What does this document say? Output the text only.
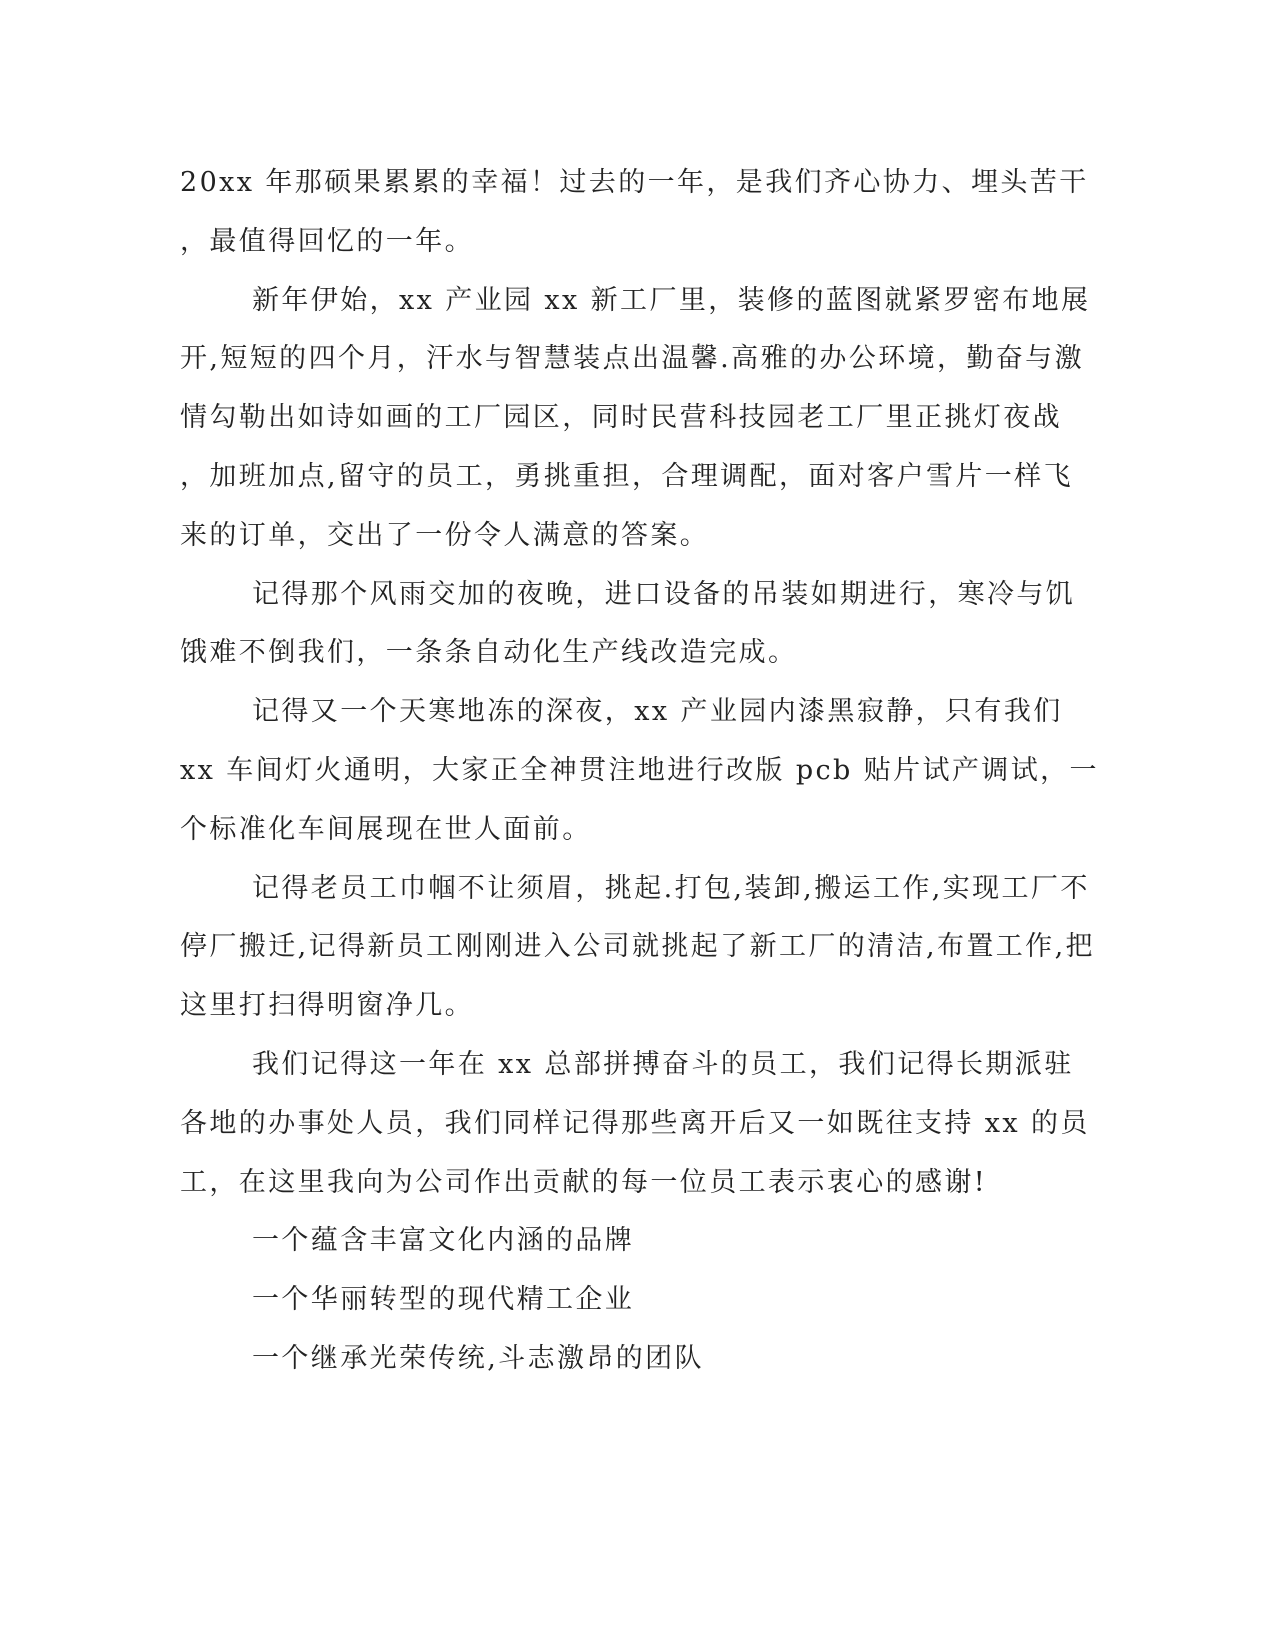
20xx 年那硕果累累的幸福！过去的一年，是我们齐心协力、埋头苦干
，最值得回忆的一年。
新年伊始，xx 产业园 xx 新工厂里，装修的蓝图就紧罗密布地展
开,短短的四个月，汗水与智慧装点出温馨.高雅的办公环境，勤奋与激
情勾勒出如诗如画的工厂园区，同时民营科技园老工厂里正挑灯夜战
，加班加点,留守的员工，勇挑重担，合理调配，面对客户雪片一样飞
来的订单，交出了一份令人满意的答案。
记得那个风雨交加的夜晚，进口设备的吊装如期进行，寒冷与饥
饿难不倒我们，一条条自动化生产线改造完成。
记得又一个天寒地冻的深夜，xx 产业园内漆黑寂静，只有我们
xx 车间灯火通明，大家正全神贯注地进行改版 pcb 贴片试产调试，一
个标准化车间展现在世人面前。
记得老员工巾帼不让须眉，挑起.打包,装卸,搬运工作,实现工厂不
停厂搬迁,记得新员工刚刚进入公司就挑起了新工厂的清洁,布置工作,把
这里打扫得明窗净几。
我们记得这一年在 xx 总部拼搏奋斗的员工，我们记得长期派驻
各地的办事处人员，我们同样记得那些离开后又一如既往支持 xx 的员
工，在这里我向为公司作出贡献的每一位员工表示衷心的感谢!
一个蕴含丰富文化内涵的品牌
一个华丽转型的现代精工企业
一个继承光荣传统,斗志激昂的团队
